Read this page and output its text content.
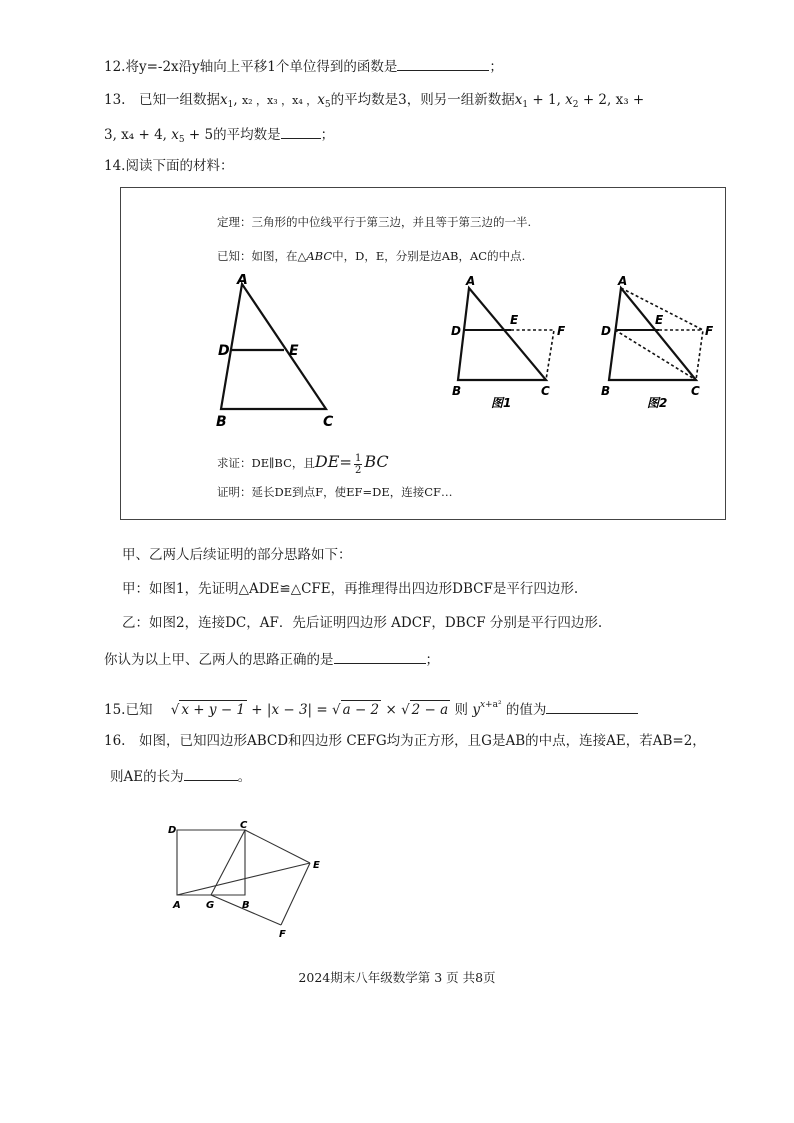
12.将y=-2x沿y轴向上平移1个单位得到的函数是	；
13.　已知一组数据$x_1$, x₂ ，x₃ ，x₄ ，$x_5$的平均数是3，则另一组新数据$x_1 + 1$, $x_2 + 2$, x₃ +
3, x₄ + 4, $x_5 + 5$的平均数是	；
14.阅读下面的材料：
定理：三角形的中位线平行于第三边，并且等于第三边的一半.
已知：如图，在△ABC中，D，E，分别是边AB，AC的中点.
A
D	E
B	C
A
D
E
F
B	C
图1
A
D
E
F
B	C
图2
求证：DE∥BC，且$DE= \frac{1}{2}$ BC
证明：延长DE到点F，使EF=DE，连接CF…
甲、乙两人后续证明的部分思路如下：
甲：如图1，先证明△ADE≌△CFE，再推理得出四边形DBCF是平行四边形.
乙：如图2，连接DC，AF．先后证明四边形 ADCF，DBCF 分别是平行四边形.
你认为以上甲、乙两人的思路正确的是	；
15.已知 √ x + y − 1 + |x − 3| = √ a − 2 × √ 2 − a 则 $y^{x+a^2}$ 的值为
16.　如图，已知四边形ABCD和四边形 CEFG均为正方形，且G是AB的中点，连接AE，若AB=2，
则AE的长为	。
D	C
E
A	G	B
F
2024期末八年级数学第 3 页 共8页
